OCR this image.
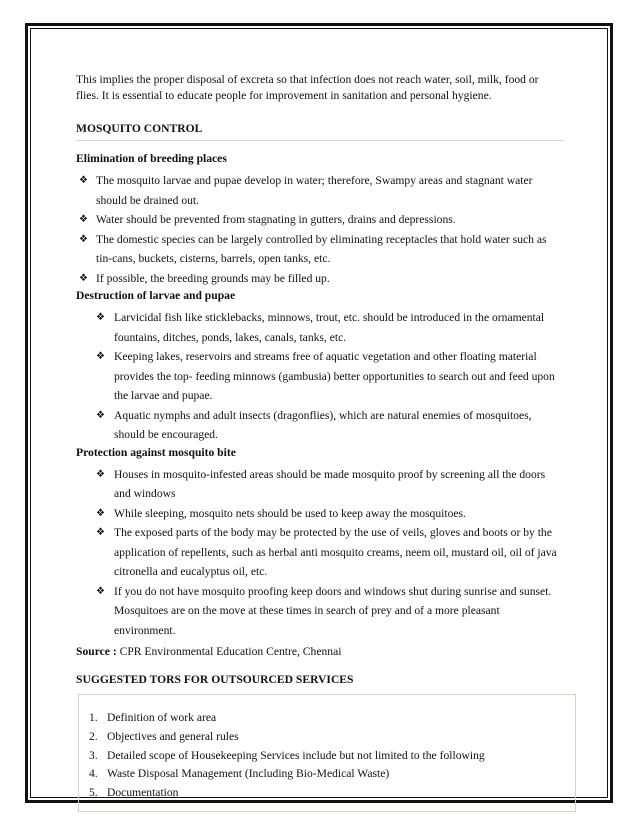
This implies the proper disposal of excreta so that infection does not reach water, soil, milk, food or flies. It is essential to educate people for improvement in sanitation and personal hygiene.

MOSQUITO CONTROL

Elimination of breeding places

❖ The mosquito larvae and pupae develop in water; therefore, Swampy areas and stagnant water should be drained out.
❖ Water should be prevented from stagnating in gutters, drains and depressions.
❖ The domestic species can be largely controlled by eliminating receptacles that hold water such as tin-cans, buckets, cisterns, barrels, open tanks, etc.
❖ If possible, the breeding grounds may be filled up.

Destruction of larvae and pupae

❖ Larvicidal fish like sticklebacks, minnows, trout, etc. should be introduced in the ornamental fountains, ditches, ponds, lakes, canals, tanks, etc.
❖ Keeping lakes, reservoirs and streams free of aquatic vegetation and other floating material provides the top- feeding minnows (gambusia) better opportunities to search out and feed upon the larvae and pupae.
❖ Aquatic nymphs and adult insects (dragonflies), which are natural enemies of mosquitoes, should be encouraged.

Protection against mosquito bite

❖ Houses in mosquito-infested areas should be made mosquito proof by screening all the doors and windows
❖ While sleeping, mosquito nets should be used to keep away the mosquitoes.
❖ The exposed parts of the body may be protected by the use of veils, gloves and boots or by the application of repellents, such as herbal anti mosquito creams, neem oil, mustard oil, oil of java citronella and eucalyptus oil, etc.
❖ If you do not have mosquito proofing keep doors and windows shut during sunrise and sunset. Mosquitoes are on the move at these times in search of prey and of a more pleasant environment.

Source : CPR Environmental Education Centre, Chennai

SUGGESTED TORS FOR OUTSOURCED SERVICES

1. Definition of work area
2. Objectives and general rules
3. Detailed scope of Housekeeping Services include but not limited to the following
4. Waste Disposal Management (Including Bio-Medical Waste)
5. Documentation
